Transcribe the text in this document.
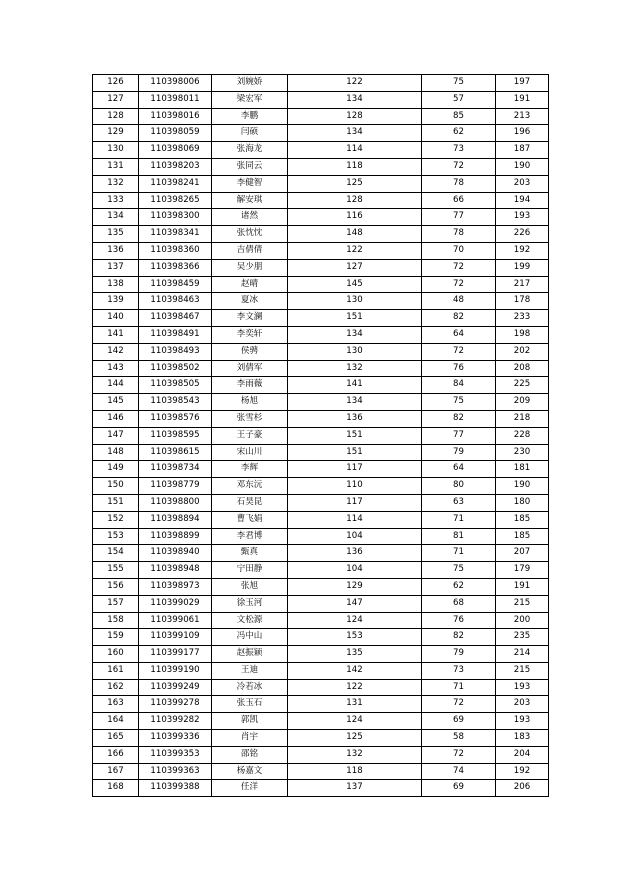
126	110398006	刘婉娇	122	75	197
127	110398011	梁宏军	134	57	191
128	110398016	李鹏	128	85	213
129	110398059	闫硕	134	62	196
130	110398069	张海龙	114	73	187
131	110398203	张同云	118	72	190
132	110398241	李健智	125	78	203
133	110398265	解安琪	128	66	194
134	110398300	诸然	116	77	193
135	110398341	张忱忱	148	78	226
136	110398360	吉倩倩	122	70	192
137	110398366	吴少朋	127	72	199
138	110398459	赵晴	145	72	217
139	110398463	夏冰	130	48	178
140	110398467	李文澜	151	82	233
141	110398491	李奕轩	134	64	198
142	110398493	侯骋	130	72	202
143	110398502	刘倩军	132	76	208
144	110398505	李雨薇	141	84	225
145	110398543	杨旭	134	75	209
146	110398576	张雪杉	136	82	218
147	110398595	王子豪	151	77	228
148	110398615	宋山川	151	79	230
149	110398734	李辉	117	64	181
150	110398779	邓东沅	110	80	190
151	110398800	石昊昆	117	63	180
152	110398894	曹飞娟	114	71	185
153	110398899	李君博	104	81	185
154	110398940	甄真	136	71	207
155	110398948	宁田静	104	75	179
156	110398973	张旭	129	62	191
157	110399029	徐玉河	147	68	215
158	110399061	文松源	124	76	200
159	110399109	冯中山	153	82	235
160	110399177	赵振颖	135	79	214
161	110399190	王迪	142	73	215
162	110399249	冷若冰	122	71	193
163	110399278	张玉石	131	72	203
164	110399282	郭凯	124	69	193
165	110399336	肖宇	125	58	183
166	110399353	邵铭	132	72	204
167	110399363	杨嘉文	118	74	192
168	110399388	任洋	137	69	206
